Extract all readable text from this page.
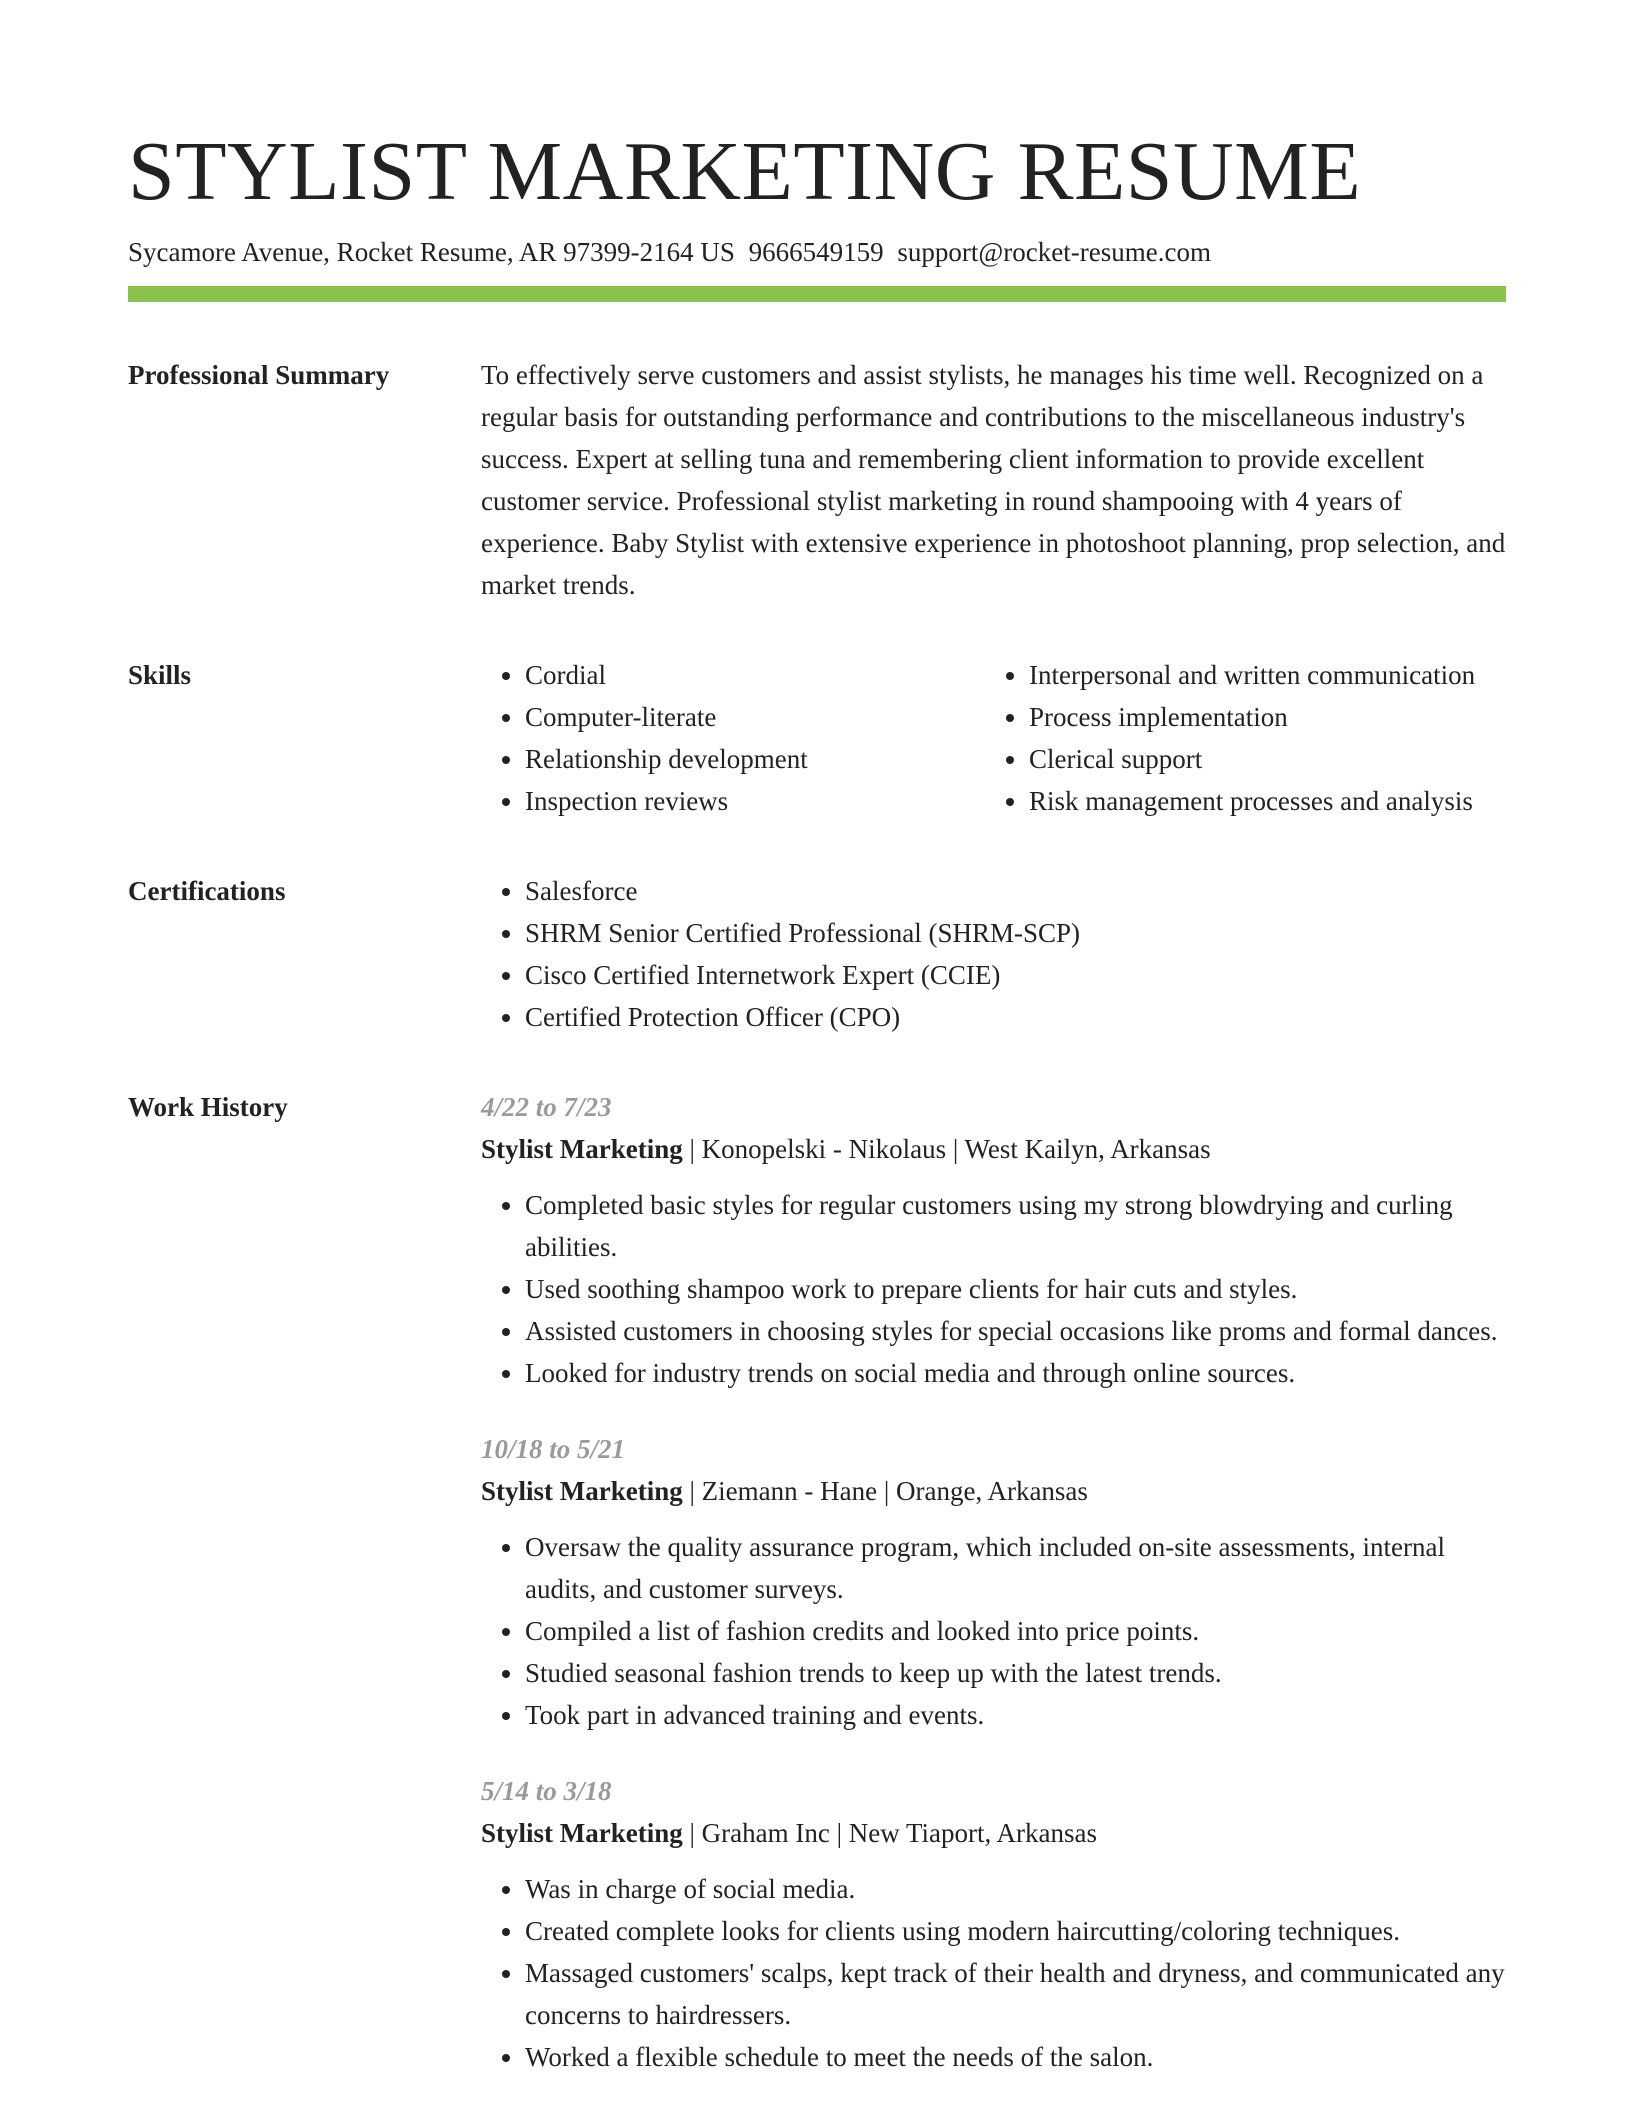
STYLIST MARKETING RESUME
Sycamore Avenue, Rocket Resume, AR 97399-2164 US 9666549159 support@rocket-resume.com
Professional Summary	To effectively serve customers and assist stylists, he manages his time well. Recognized on a regular basis for outstanding performance and contributions to the miscellaneous industry's success. Expert at selling tuna and remembering client information to provide excellent customer service. Professional stylist marketing in round shampooing with 4 years of experience. Baby Stylist with extensive experience in photoshoot planning, prop selection, and market trends.

Skills	• Cordial
• Computer-literate
• Relationship development
• Inspection reviews
• Interpersonal and written communication
• Process implementation
• Clerical support
• Risk management processes and analysis
Certifications	• Salesforce
• SHRM Senior Certified Professional (SHRM-SCP)
• Cisco Certified Internetwork Expert (CCIE)
• Certified Protection Officer (CPO)
Work History	4/22 to 7/23
Stylist Marketing | Konopelski - Nikolaus | West Kailyn, Arkansas
• Completed basic styles for regular customers using my strong blowdrying and curling abilities.
• Used soothing shampoo work to prepare clients for hair cuts and styles.
• Assisted customers in choosing styles for special occasions like proms and formal dances.
• Looked for industry trends on social media and through online sources.
10/18 to 5/21
Stylist Marketing | Ziemann - Hane | Orange, Arkansas
• Oversaw the quality assurance program, which included on-site assessments, internal audits, and customer surveys.
• Compiled a list of fashion credits and looked into price points.
• Studied seasonal fashion trends to keep up with the latest trends.
• Took part in advanced training and events.
5/14 to 3/18
Stylist Marketing | Graham Inc | New Tiaport, Arkansas
• Was in charge of social media.
• Created complete looks for clients using modern haircutting/coloring techniques.
• Massaged customers' scalps, kept track of their health and dryness, and communicated any concerns to hairdressers.
• Worked a flexible schedule to meet the needs of the salon.
